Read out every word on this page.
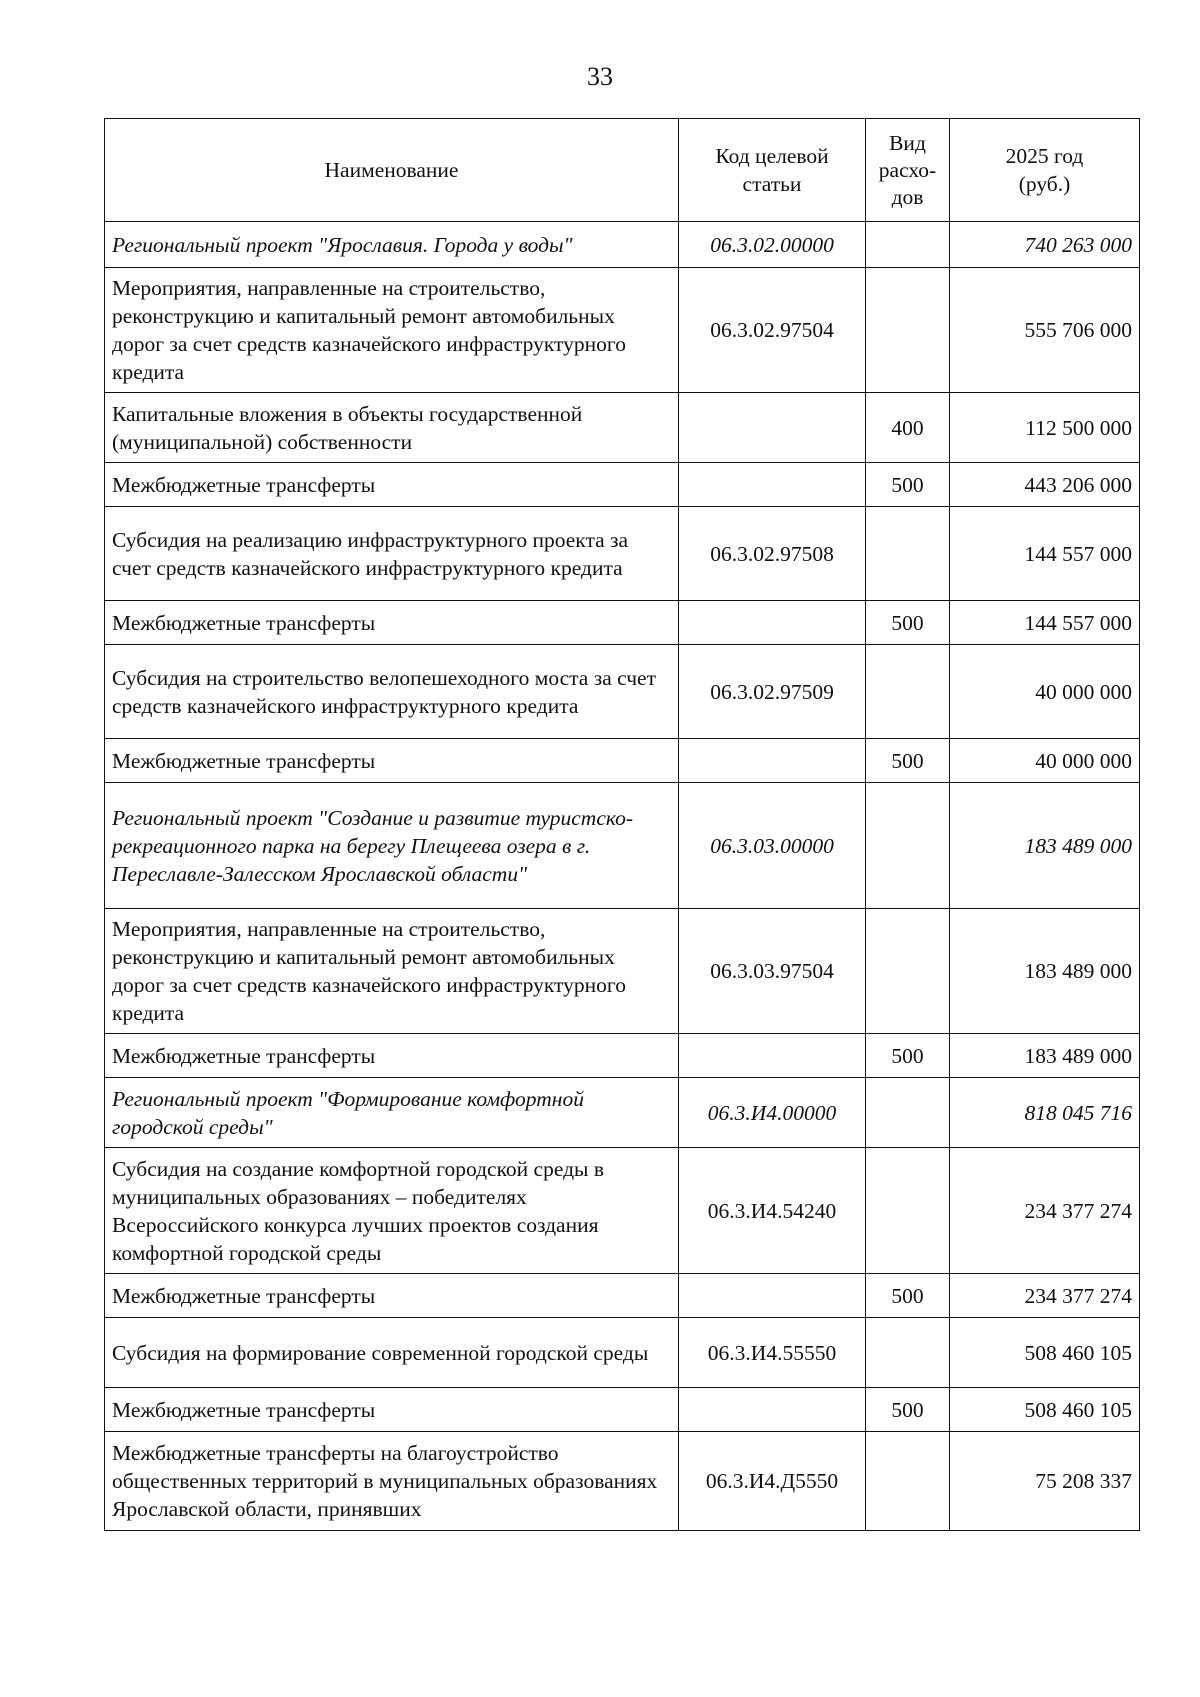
33
Наименование	Код целевой статьи	Вид расхо-дов	2025 год (руб.)

Региональный проект "Ярославия. Города у воды"	06.3.02.00000		740 263 000
Мероприятия, направленные на строительство, реконструкцию и капитальный ремонт автомобильных дорог за счет средств казначейского инфраструктурного кредита	06.3.02.97504		555 706 000
Капитальные вложения в объекты государственной (муниципальной) собственности		400	112 500 000
Межбюджетные трансферты		500	443 206 000
Субсидия на реализацию инфраструктурного проекта за счет средств казначейского инфраструктурного кредита	06.3.02.97508		144 557 000
Межбюджетные трансферты		500	144 557 000
Субсидия на строительство велопешеходного моста за счет средств казначейского инфраструктурного кредита	06.3.02.97509		40 000 000
Межбюджетные трансферты		500	40 000 000
Региональный проект "Создание и развитие туристско-рекреационного парка на берегу Плещеева озера в г. Переславле-Залесском Ярославской области"	06.3.03.00000		183 489 000
Мероприятия, направленные на строительство, реконструкцию и капитальный ремонт автомобильных дорог за счет средств казначейского инфраструктурного кредита	06.3.03.97504		183 489 000
Межбюджетные трансферты		500	183 489 000
Региональный проект "Формирование комфортной городской среды"	06.3.И4.00000		818 045 716
Субсидия на создание комфортной городской среды в муниципальных образованиях – победителях Всероссийского конкурса лучших проектов создания комфортной городской среды	06.3.И4.54240		234 377 274
Межбюджетные трансферты		500	234 377 274
Субсидия на формирование современной городской среды	06.3.И4.55550		508 460 105
Межбюджетные трансферты		500	508 460 105
Межбюджетные трансферты на благоустройство общественных территорий в муниципальных образованиях Ярославской области, принявших	06.3.И4.Д5550		75 208 337
